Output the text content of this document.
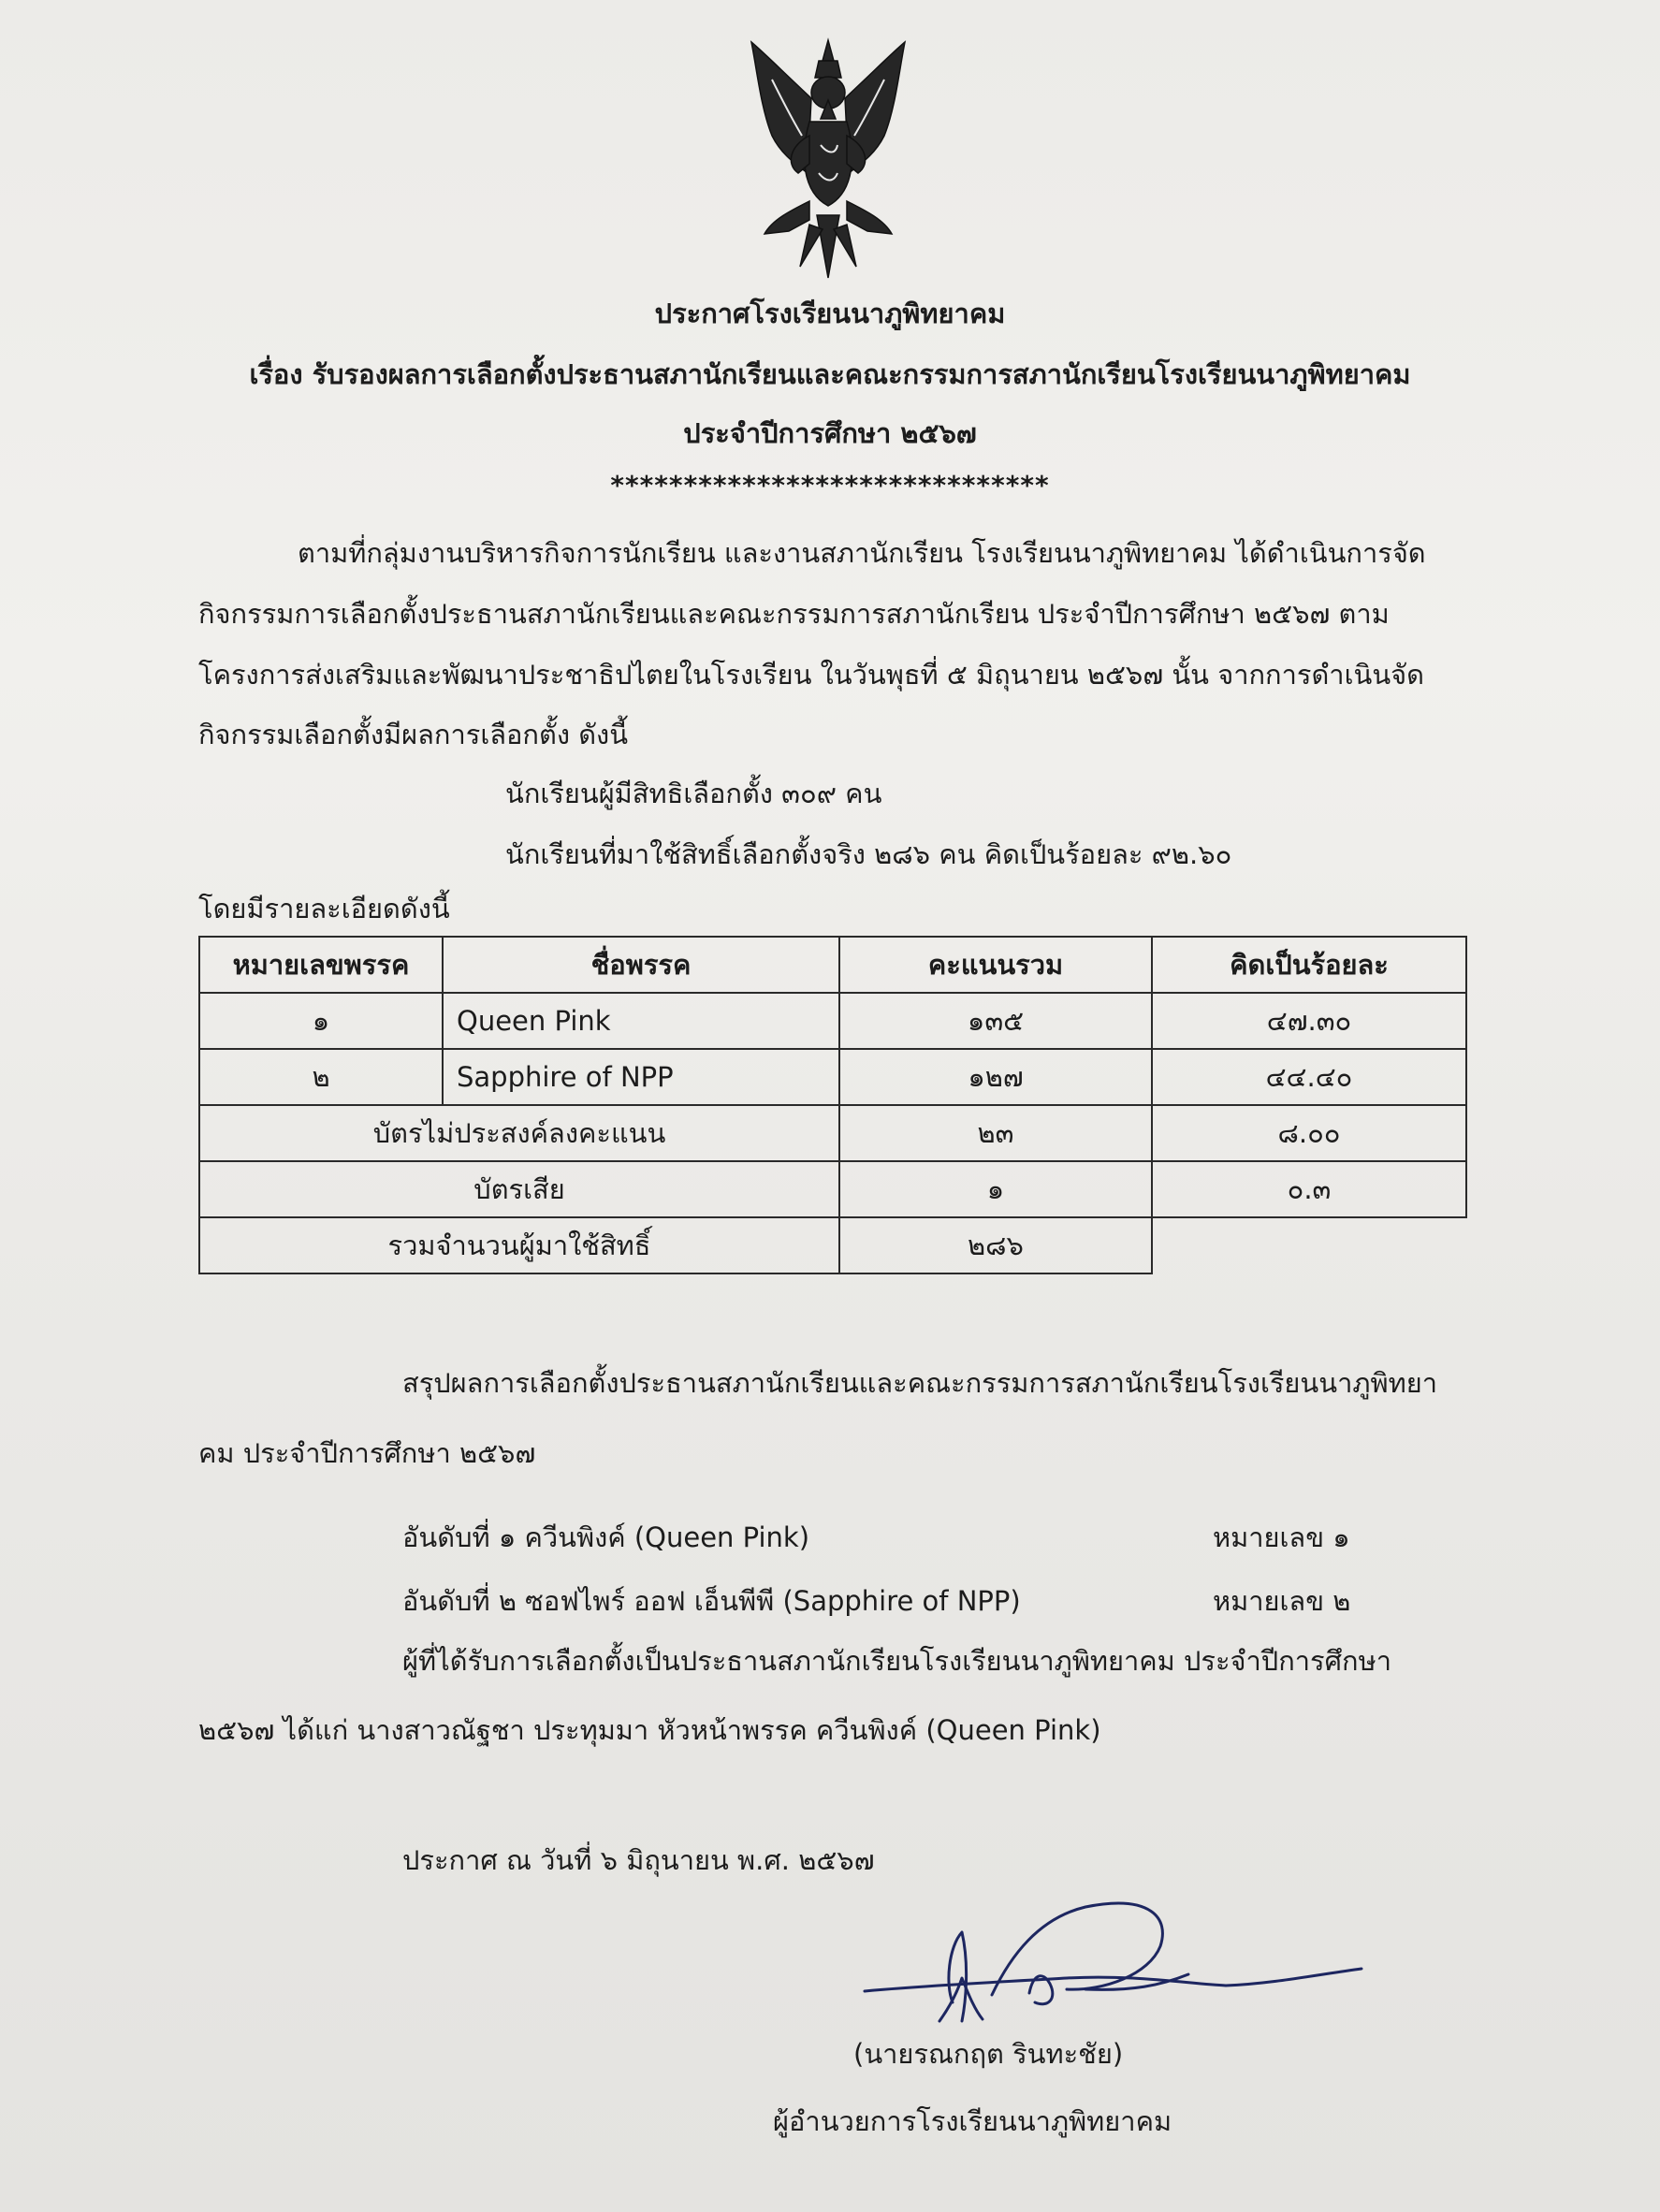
ประกาศโรงเรียนนาภูพิทยาคม
เรื่อง รับรองผลการเลือกตั้งประธานสภานักเรียนและคณะกรรมการสภานักเรียนโรงเรียนนาภูพิทยาคม
ประจำปีการศึกษา ๒๕๖๗
******************************
ตามที่กลุ่มงานบริหารกิจการนักเรียน และงานสภานักเรียน โรงเรียนนาภูพิทยาคม ได้ดำเนินการจัด
กิจกรรมการเลือกตั้งประธานสภานักเรียนและคณะกรรมการสภานักเรียน ประจำปีการศึกษา ๒๕๖๗ ตาม
โครงการส่งเสริมและพัฒนาประชาธิปไตยในโรงเรียน ในวันพุธที่ ๕ มิถุนายน ๒๕๖๗ นั้น จากการดำเนินจัด
กิจกรรมเลือกตั้งมีผลการเลือกตั้ง ดังนี้
นักเรียนผู้มีสิทธิเลือกตั้ง ๓๐๙ คน
นักเรียนที่มาใช้สิทธิ์เลือกตั้งจริง ๒๘๖ คน คิดเป็นร้อยละ ๙๒.๖๐
โดยมีรายละเอียดดังนี้
หมายเลขพรรค	ชื่อพรรค	คะแนนรวม	คิดเป็นร้อยละ
๑	Queen Pink	๑๓๕	๔๗.๓๐
๒	Sapphire of NPP	๑๒๗	๔๔.๔๐
บัตรไม่ประสงค์ลงคะแนน		๒๓	๘.๐๐
บัตรเสีย		๑	๐.๓
รวมจำนวนผู้มาใช้สิทธิ์		๒๘๖	
สรุปผลการเลือกตั้งประธานสภานักเรียนและคณะกรรมการสภานักเรียนโรงเรียนนาภูพิทยา
คม ประจำปีการศึกษา ๒๕๖๗
อันดับที่ ๑ ควีนพิงค์ (Queen Pink)	หมายเลข ๑
อันดับที่ ๒ ซอฟไพร์ ออฟ เอ็นพีพี (Sapphire of NPP)	หมายเลข ๒
ผู้ที่ได้รับการเลือกตั้งเป็นประธานสภานักเรียนโรงเรียนนาภูพิทยาคม ประจำปีการศึกษา
๒๕๖๗ ได้แก่ นางสาวณัฐชา ประทุมมา หัวหน้าพรรค ควีนพิงค์ (Queen Pink)
ประกาศ ณ วันที่ ๖ มิถุนายน พ.ศ. ๒๕๖๗
(นายรณกฤต รินทะชัย)
ผู้อำนวยการโรงเรียนนาภูพิทยาคม
